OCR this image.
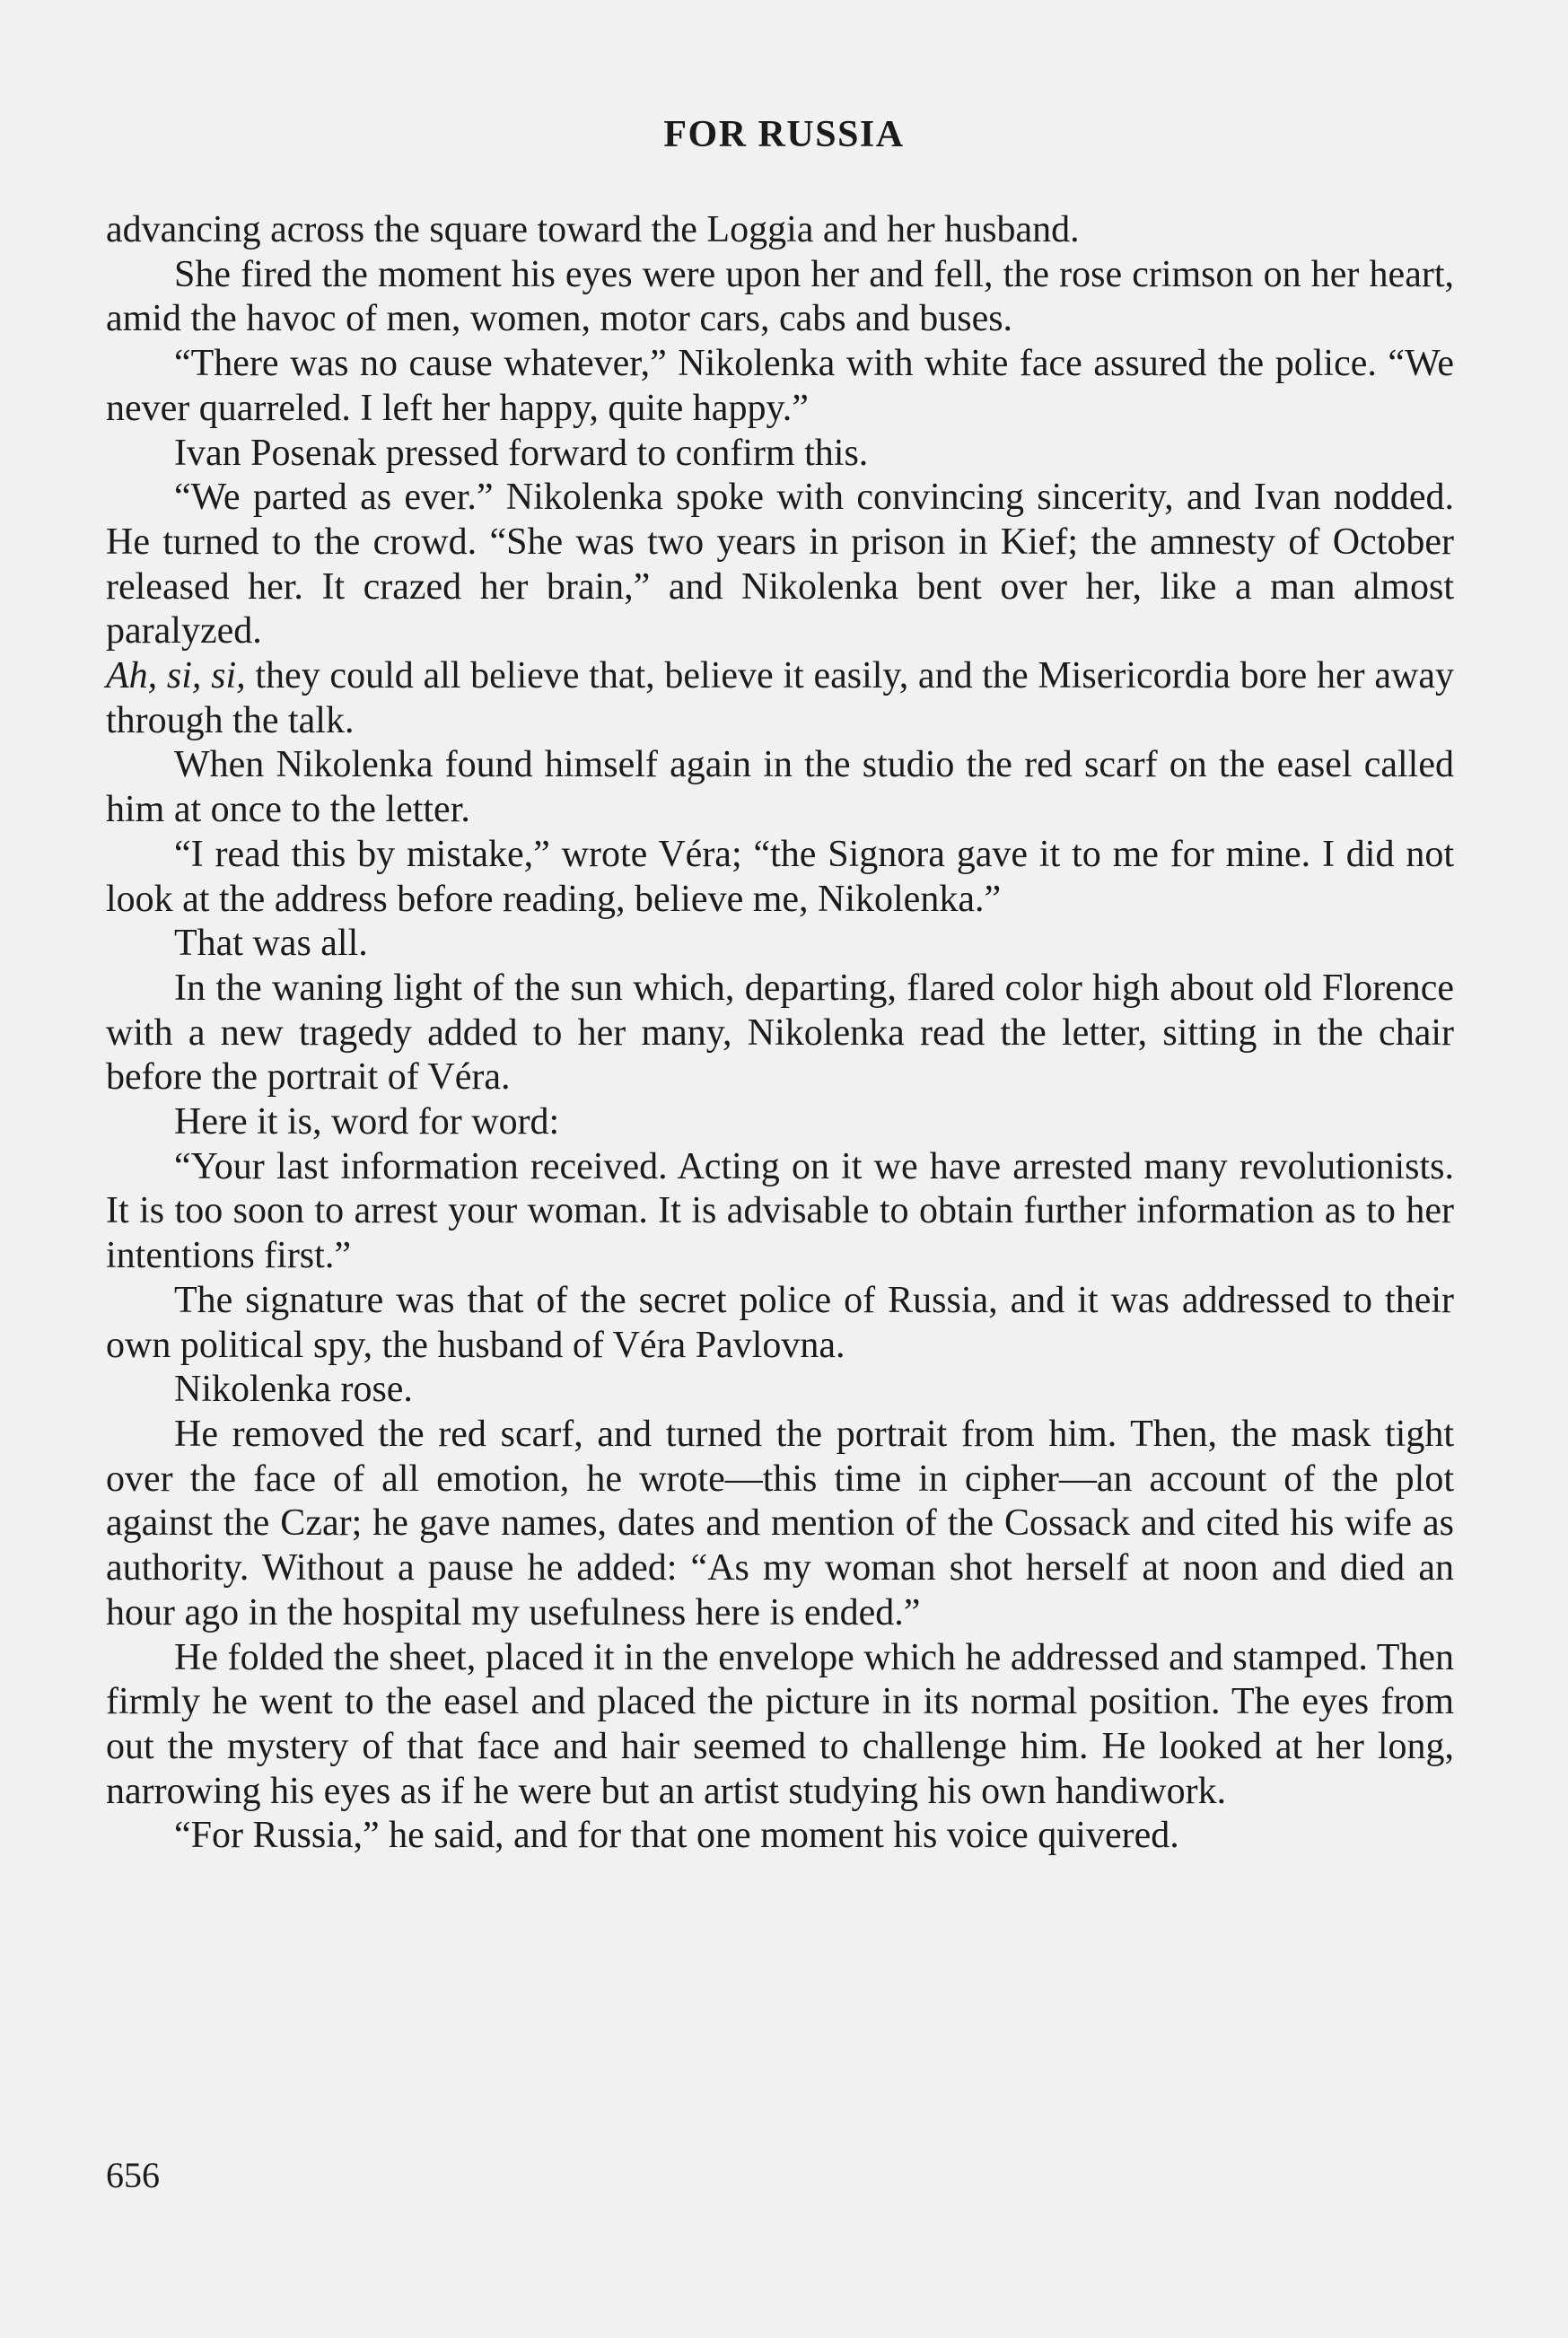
FOR RUSSIA

advancing across the square toward the Loggia and her husband.

She fired the moment his eyes were upon her and fell, the rose crimson on her heart, amid the havoc of men, women, motor cars, cabs and buses.

“There was no cause whatever,” Nikolenka with white face assured the police. “We never quarreled. I left her happy, quite happy.”

Ivan Posenak pressed forward to confirm this.

“We parted as ever.” Nikolenka spoke with convincing sincerity, and Ivan nodded. He turned to the crowd. “She was two years in prison in Kief; the amnesty of October released her. It crazed her brain,” and Nikolenka bent over her, like a man almost paralyzed.

Ah, si, si, they could all believe that, believe it easily, and the Misericordia bore her away through the talk.

When Nikolenka found himself again in the studio the red scarf on the easel called him at once to the letter.

“I read this by mistake,” wrote Véra; “the Signora gave it to me for mine. I did not look at the address before reading, believe me, Nikolenka.”

That was all.

In the waning light of the sun which, departing, flared color high about old Florence with a new tragedy added to her many, Nikolenka read the letter, sitting in the chair before the portrait of Véra.

Here it is, word for word:

“Your last information received. Acting on it we have arrested many revolutionists. It is too soon to arrest your woman. It is advisable to obtain further information as to her intentions first.”

The signature was that of the secret police of Russia, and it was addressed to their own political spy, the husband of Véra Pavlovna.

Nikolenka rose.

He removed the red scarf, and turned the portrait from him. Then, the mask tight over the face of all emotion, he wrote—this time in cipher—an account of the plot against the Czar; he gave names, dates and mention of the Cossack and cited his wife as authority. Without a pause he added: “As my woman shot herself at noon and died an hour ago in the hospital my usefulness here is ended.”

He folded the sheet, placed it in the envelope which he addressed and stamped. Then firmly he went to the easel and placed the picture in its normal position. The eyes from out the mystery of that face and hair seemed to challenge him. He looked at her long, narrowing his eyes as if he were but an artist studying his own handiwork.

“For Russia,” he said, and for that one moment his voice quivered.

656
